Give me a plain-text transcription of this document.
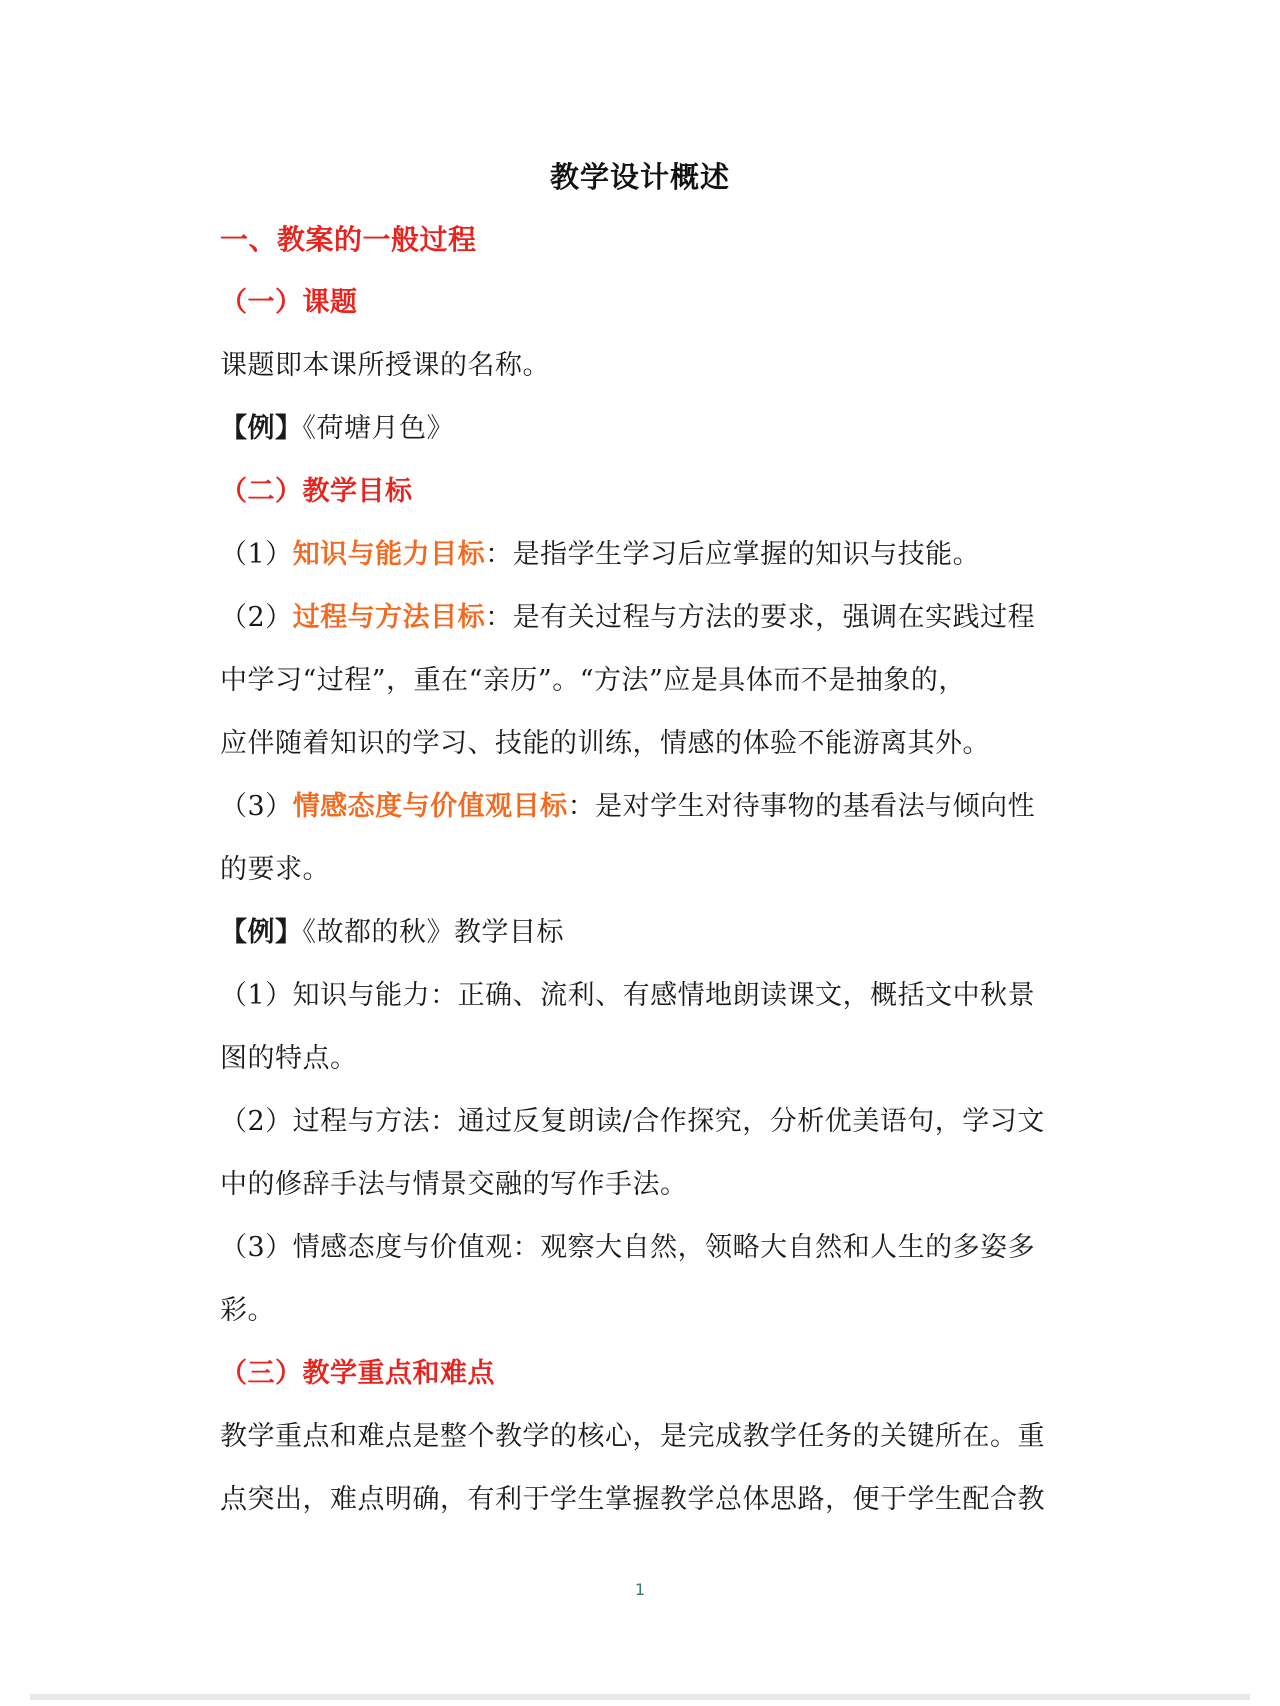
教学设计概述
一、教案的一般过程
（一）课题
课题即本课所授课的名称。
【例】《荷塘月色》
（二）教学目标
（1）知识与能力目标：是指学生学习后应掌握的知识与技能。
（2）过程与方法目标：是有关过程与方法的要求，强调在实践过程
中学习“过程”，重在“亲历”。“方法”应是具体而不是抽象的，
应伴随着知识的学习、技能的训练，情感的体验不能游离其外。
（3）情感态度与价值观目标：是对学生对待事物的基看法与倾向性
的要求。
【例】《故都的秋》教学目标
（1）知识与能力：正确、流利、有感情地朗读课文，概括文中秋景
图的特点。
（2）过程与方法：通过反复朗读/合作探究，分析优美语句，学习文
中的修辞手法与情景交融的写作手法。
（3）情感态度与价值观：观察大自然，领略大自然和人生的多姿多
彩。
（三）教学重点和难点
教学重点和难点是整个教学的核心，是完成教学任务的关键所在。重
点突出，难点明确，有利于学生掌握教学总体思路，便于学生配合教
1
